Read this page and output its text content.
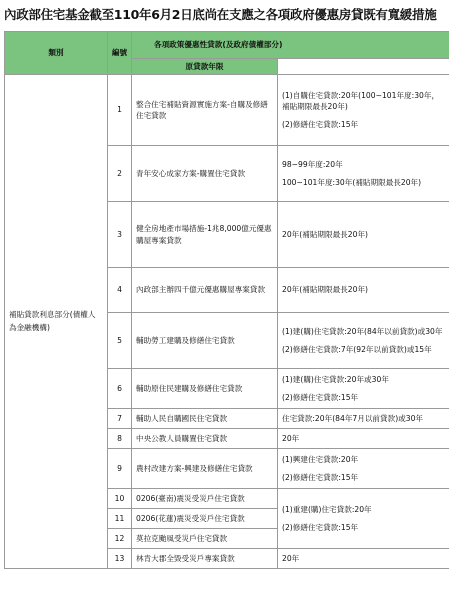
內政部住宅基金截至110年6月2日底尚在支應之各項政府優惠房貸既有寬緩措施
類別	編號	各項政策優惠性貸款(及政府債權部分)	
		原貸款年限	
補貼貸款利息部分(債權人為金融機構)	1	整合住宅補貼資源實施方案-自購及修繕住宅貸款	(1)自購住宅貸款:20年(100~101年度:30年，補貼期限最長20年)

(2)修繕住宅貸款:15年

	2	青年安心成家方案-購置住宅貸款	98~99年度:20年

100~101年度:30年(補貼期限最長20年)

	3	健全房地產市場措施-1兆8,000億元優惠購屋專案貸款	20年(補貼期限最長20年)

	4	內政部主辦四千億元優惠購屋專案貸款	20年(補貼期限最長20年)

	5	輔助勞工建購及修繕住宅貸款	(1)建(購)住宅貸款:20年(84年以前貸款)或30年

(2)修繕住宅貸款:7年(92年以前貸款)或15年

	6	輔助原住民建購及修繕住宅貸款	(1)建(購)住宅貸款:20年或30年

(2)修繕住宅貸款:15年

	7	輔助人民自購國民住宅貸款	住宅貸款:20年(84年7月以前貸款)或30年

	8	中央公教人員購置住宅貸款	20年

	9	農村改建方案-興建及修繕住宅貸款	(1)興建住宅貸款:20年

(2)修繕住宅貸款:15年

	10	0206(臺南)震災受災戶住宅貸款	(1)重建(購)住宅貸款:20年

(2)修繕住宅貸款:15年

	11	0206(花蓮)震災受災戶住宅貸款	
	12	莫拉克颱風受災戶住宅貸款	
	13	林肯大郡全毀受災戶專案貸款	20年
